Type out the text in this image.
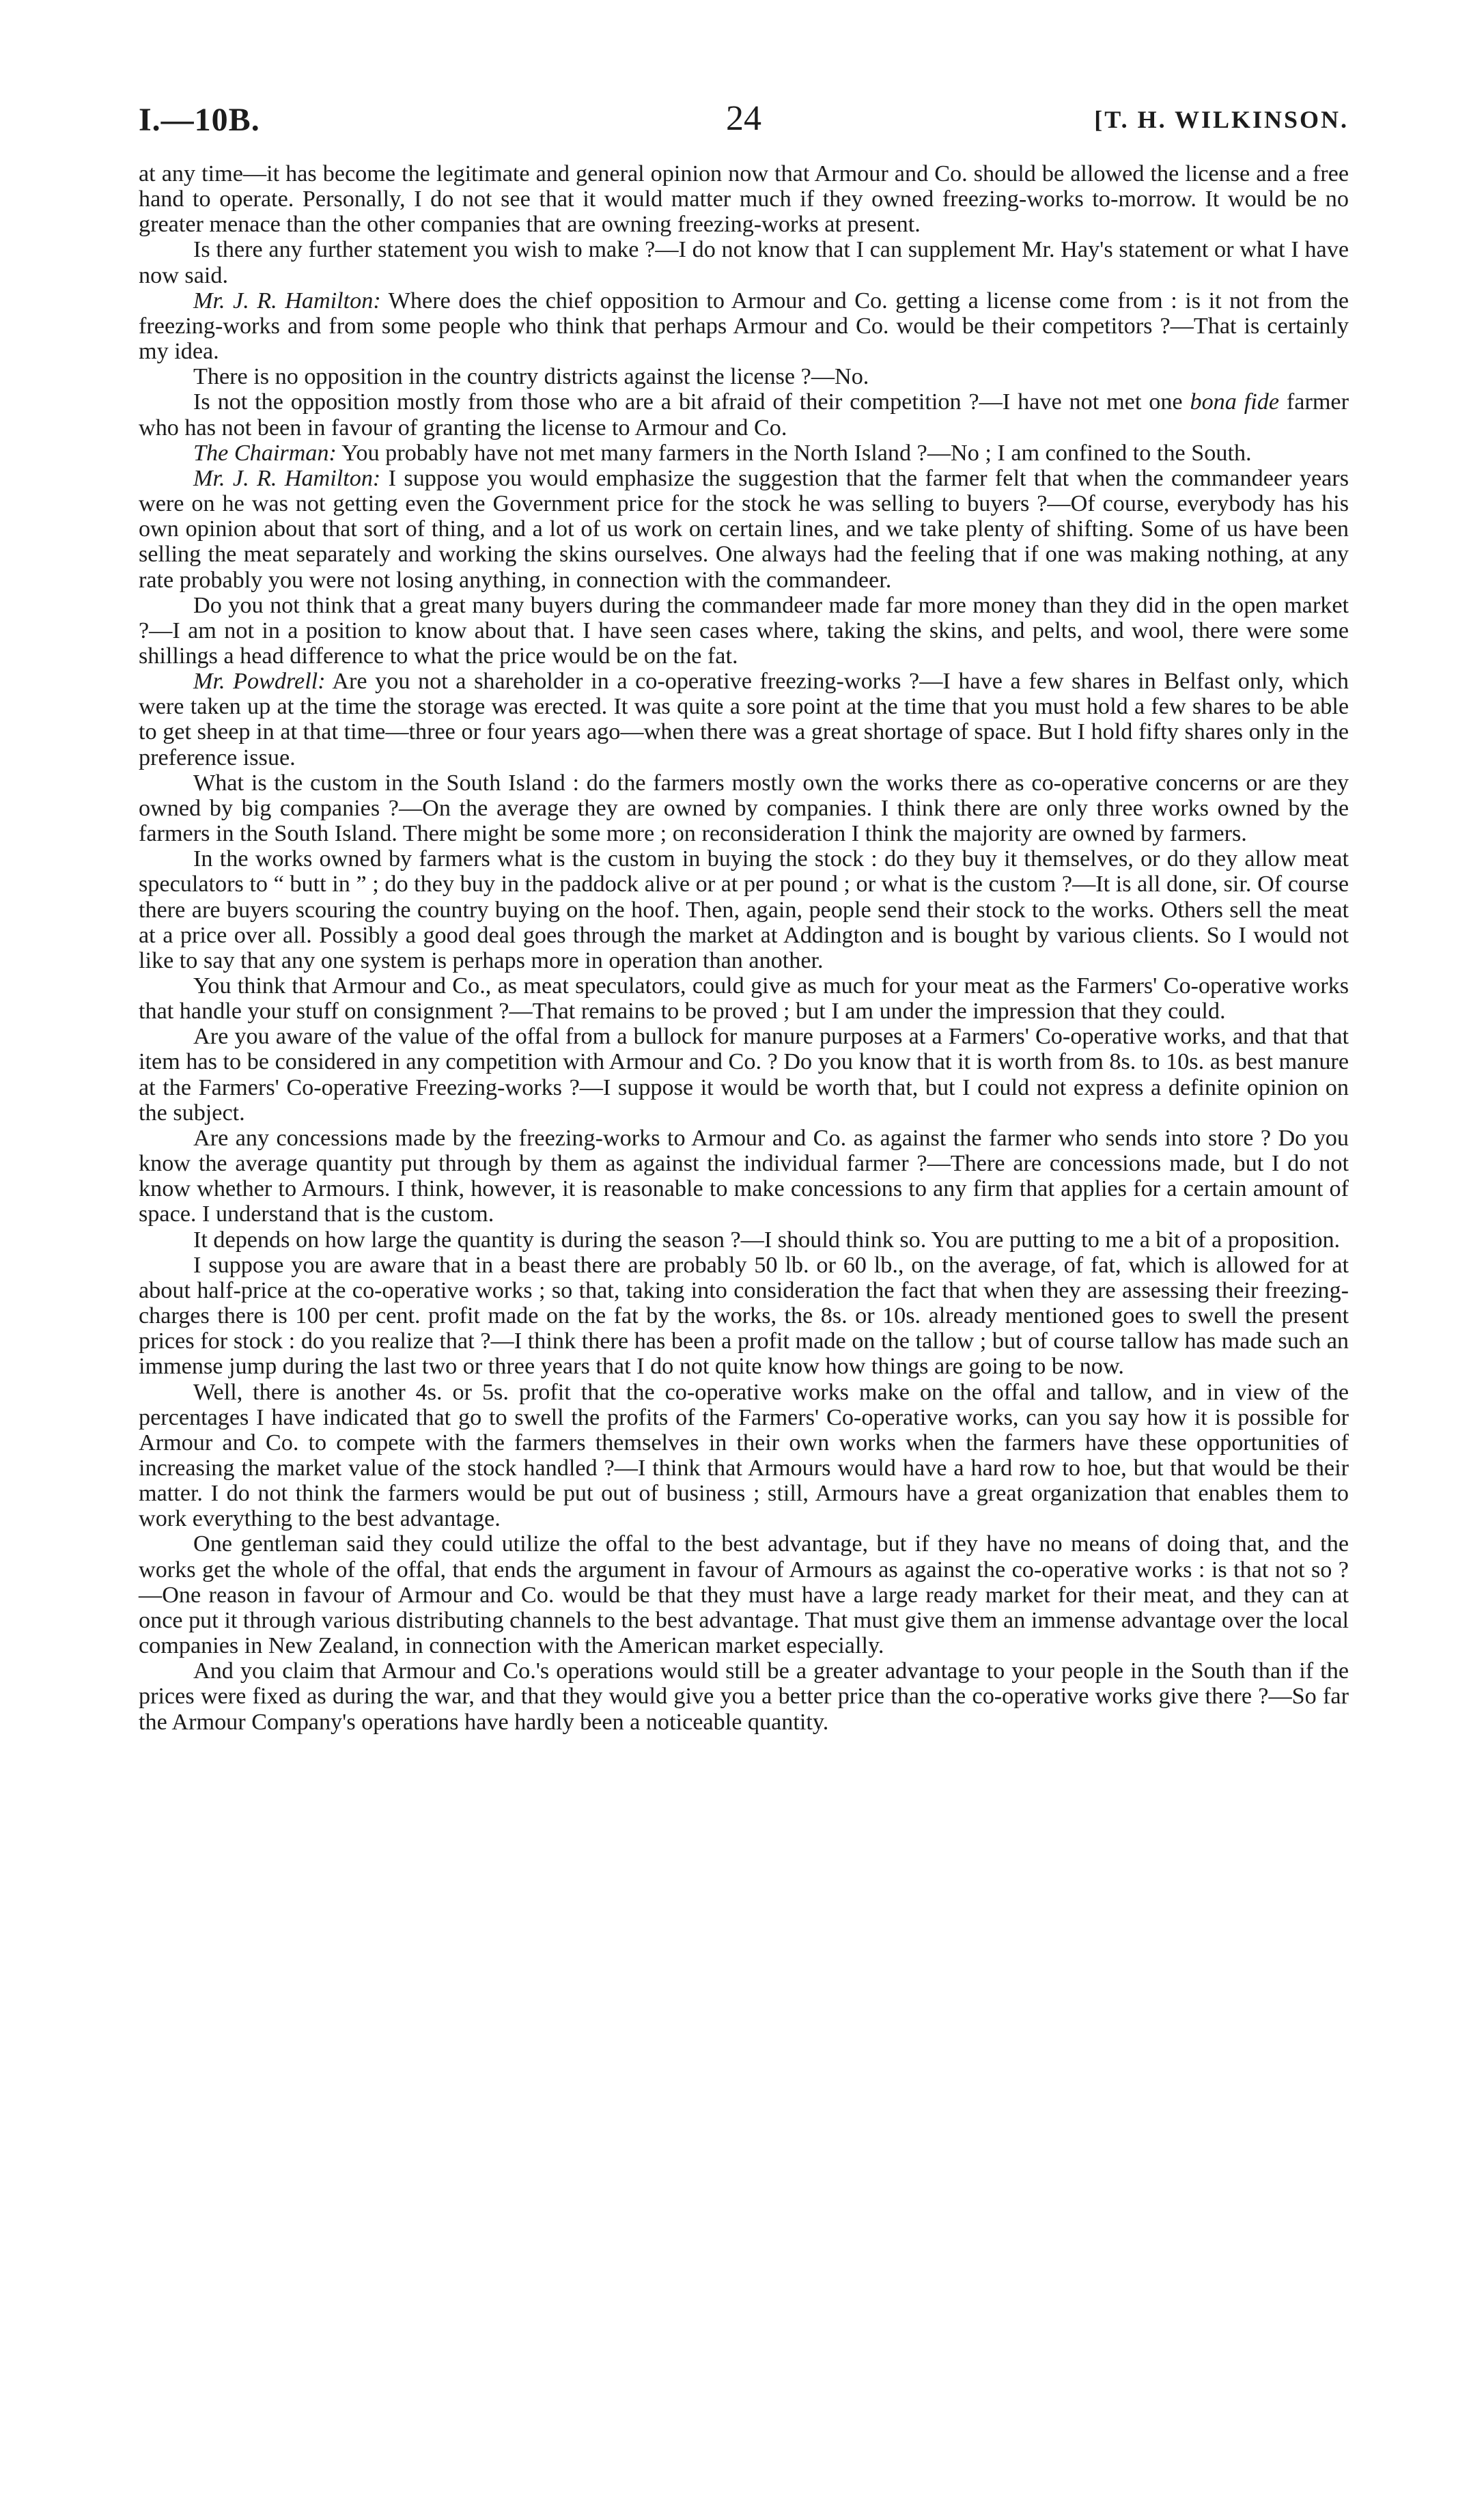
I.—10B.	24	[T. H. WILKINSON.

at any time—it has become the legitimate and general opinion now that Armour and Co. should be allowed the license and a free hand to operate. Personally, I do not see that it would matter much if they owned freezing-works to-morrow. It would be no greater menace than the other companies that are owning freezing-works at present.

Is there any further statement you wish to make ?—I do not know that I can supplement Mr. Hay's statement or what I have now said.

Mr. J. R. Hamilton: Where does the chief opposition to Armour and Co. getting a license come from : is it not from the freezing-works and from some people who think that perhaps Armour and Co. would be their competitors ?—That is certainly my idea.

There is no opposition in the country districts against the license ?—No.

Is not the opposition mostly from those who are a bit afraid of their competition ?—I have not met one bona fide farmer who has not been in favour of granting the license to Armour and Co.

The Chairman: You probably have not met many farmers in the North Island ?—No ; I am confined to the South.

Mr. J. R. Hamilton: I suppose you would emphasize the suggestion that the farmer felt that when the commandeer years were on he was not getting even the Government price for the stock he was selling to buyers ?—Of course, everybody has his own opinion about that sort of thing, and a lot of us work on certain lines, and we take plenty of shifting. Some of us have been selling the meat separately and working the skins ourselves. One always had the feeling that if one was making nothing, at any rate probably you were not losing anything, in connection with the commandeer.

Do you not think that a great many buyers during the commandeer made far more money than they did in the open market ?—I am not in a position to know about that. I have seen cases where, taking the skins, and pelts, and wool, there were some shillings a head difference to what the price would be on the fat.

Mr. Powdrell: Are you not a shareholder in a co-operative freezing-works ?—I have a few shares in Belfast only, which were taken up at the time the storage was erected. It was quite a sore point at the time that you must hold a few shares to be able to get sheep in at that time—three or four years ago—when there was a great shortage of space. But I hold fifty shares only in the preference issue.

What is the custom in the South Island : do the farmers mostly own the works there as co-operative concerns or are they owned by big companies ?—On the average they are owned by companies. I think there are only three works owned by the farmers in the South Island. There might be some more ; on reconsideration I think the majority are owned by farmers.

In the works owned by farmers what is the custom in buying the stock : do they buy it themselves, or do they allow meat speculators to “ butt in ” ; do they buy in the paddock alive or at per pound ; or what is the custom ?—It is all done, sir. Of course there are buyers scouring the country buying on the hoof. Then, again, people send their stock to the works. Others sell the meat at a price over all. Possibly a good deal goes through the market at Addington and is bought by various clients. So I would not like to say that any one system is perhaps more in operation than another.

You think that Armour and Co., as meat speculators, could give as much for your meat as the Farmers' Co-operative works that handle your stuff on consignment ?—That remains to be proved ; but I am under the impression that they could.

Are you aware of the value of the offal from a bullock for manure purposes at a Farmers' Co-operative works, and that that item has to be considered in any competition with Armour and Co. ? Do you know that it is worth from 8s. to 10s. as best manure at the Farmers' Co-operative Freezing-works ?—I suppose it would be worth that, but I could not express a definite opinion on the subject.

Are any concessions made by the freezing-works to Armour and Co. as against the farmer who sends into store ? Do you know the average quantity put through by them as against the individual farmer ?—There are concessions made, but I do not know whether to Armours. I think, however, it is reasonable to make concessions to any firm that applies for a certain amount of space. I understand that is the custom.

It depends on how large the quantity is during the season ?—I should think so. You are putting to me a bit of a proposition.

I suppose you are aware that in a beast there are probably 50 lb. or 60 lb., on the average, of fat, which is allowed for at about half-price at the co-operative works ; so that, taking into consideration the fact that when they are assessing their freezing-charges there is 100 per cent. profit made on the fat by the works, the 8s. or 10s. already mentioned goes to swell the present prices for stock : do you realize that ?—I think there has been a profit made on the tallow ; but of course tallow has made such an immense jump during the last two or three years that I do not quite know how things are going to be now.

Well, there is another 4s. or 5s. profit that the co-operative works make on the offal and tallow, and in view of the percentages I have indicated that go to swell the profits of the Farmers' Co-operative works, can you say how it is possible for Armour and Co. to compete with the farmers themselves in their own works when the farmers have these opportunities of increasing the market value of the stock handled ?—I think that Armours would have a hard row to hoe, but that would be their matter. I do not think the farmers would be put out of business ; still, Armours have a great organization that enables them to work everything to the best advantage.

One gentleman said they could utilize the offal to the best advantage, but if they have no means of doing that, and the works get the whole of the offal, that ends the argument in favour of Armours as against the co-operative works : is that not so ?—One reason in favour of Armour and Co. would be that they must have a large ready market for their meat, and they can at once put it through various distributing channels to the best advantage. That must give them an immense advantage over the local companies in New Zealand, in connection with the American market especially.

And you claim that Armour and Co.'s operations would still be a greater advantage to your people in the South than if the prices were fixed as during the war, and that they would give you a better price than the co-operative works give there ?—So far the Armour Company's operations have hardly been a noticeable quantity.
